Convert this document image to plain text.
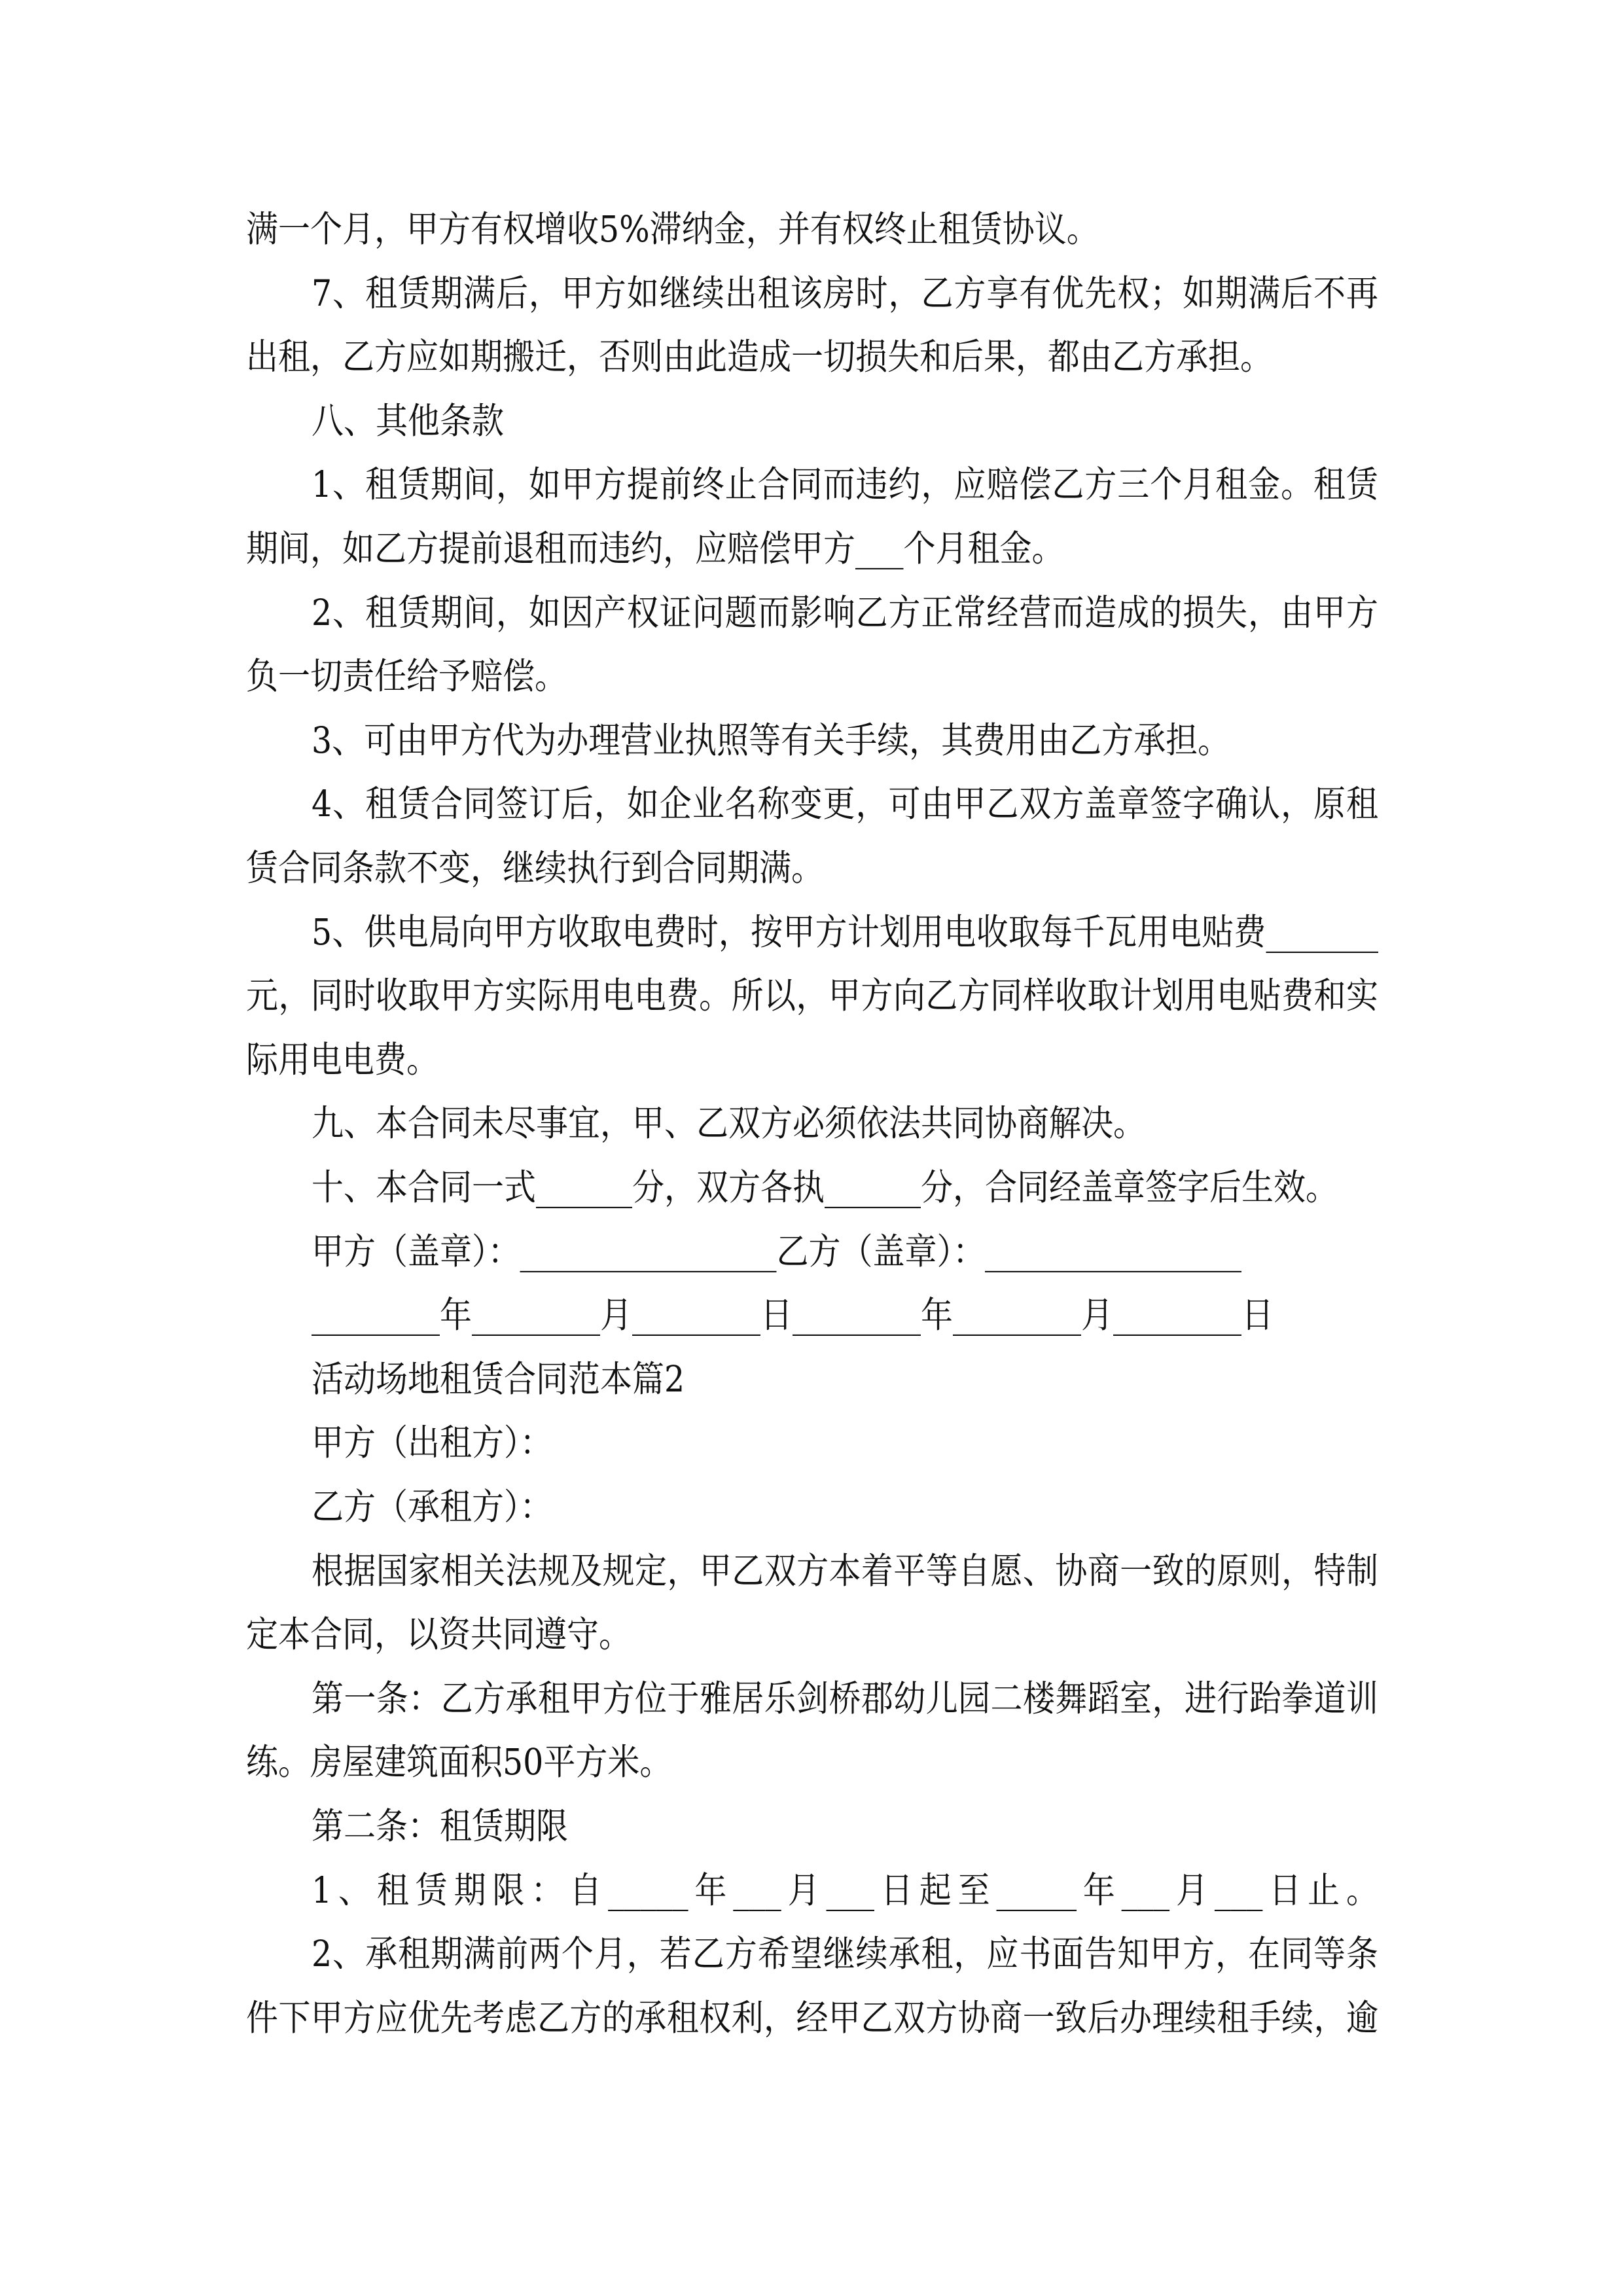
满一个月，甲方有权增收5%滞纳金，并有权终止租赁协议。
7、租赁期满后，甲方如继续出租该房时，乙方享有优先权；如期满后不再
出租，乙方应如期搬迁，否则由此造成一切损失和后果，都由乙方承担。
八、其他条款
1、租赁期间，如甲方提前终止合同而违约，应赔偿乙方三个月租金。租赁
期间，如乙方提前退租而违约，应赔偿甲方___个月租金。
2、租赁期间，如因产权证问题而影响乙方正常经营而造成的损失，由甲方
负一切责任给予赔偿。
3、可由甲方代为办理营业执照等有关手续，其费用由乙方承担。
4、租赁合同签订后，如企业名称变更，可由甲乙双方盖章签字确认，原租
赁合同条款不变，继续执行到合同期满。
5、供电局向甲方收取电费时，按甲方计划用电收取每千瓦用电贴费_______
元，同时收取甲方实际用电电费。所以，甲方向乙方同样收取计划用电贴费和实
际用电电费。
九、本合同未尽事宜，甲、乙双方必须依法共同协商解决。
十、本合同一式______分，双方各执______分，合同经盖章签字后生效。
甲方（盖章）：________________乙方（盖章）：________________
________年________月________日________年________月________日
活动场地租赁合同范本篇2
甲方（出租方）：
乙方（承租方）：
根据国家相关法规及规定，甲乙双方本着平等自愿、协商一致的原则，特制
定本合同，以资共同遵守。
第一条：乙方承租甲方位于雅居乐剑桥郡幼儿园二楼舞蹈室，进行跆拳道训
练。房屋建筑面积50平方米。
第二条：租赁期限
1、租赁期限：自_____年___月___日起至_____年___月___日止。
2、承租期满前两个月，若乙方希望继续承租，应书面告知甲方，在同等条
件下甲方应优先考虑乙方的承租权利，经甲乙双方协商一致后办理续租手续，逾
